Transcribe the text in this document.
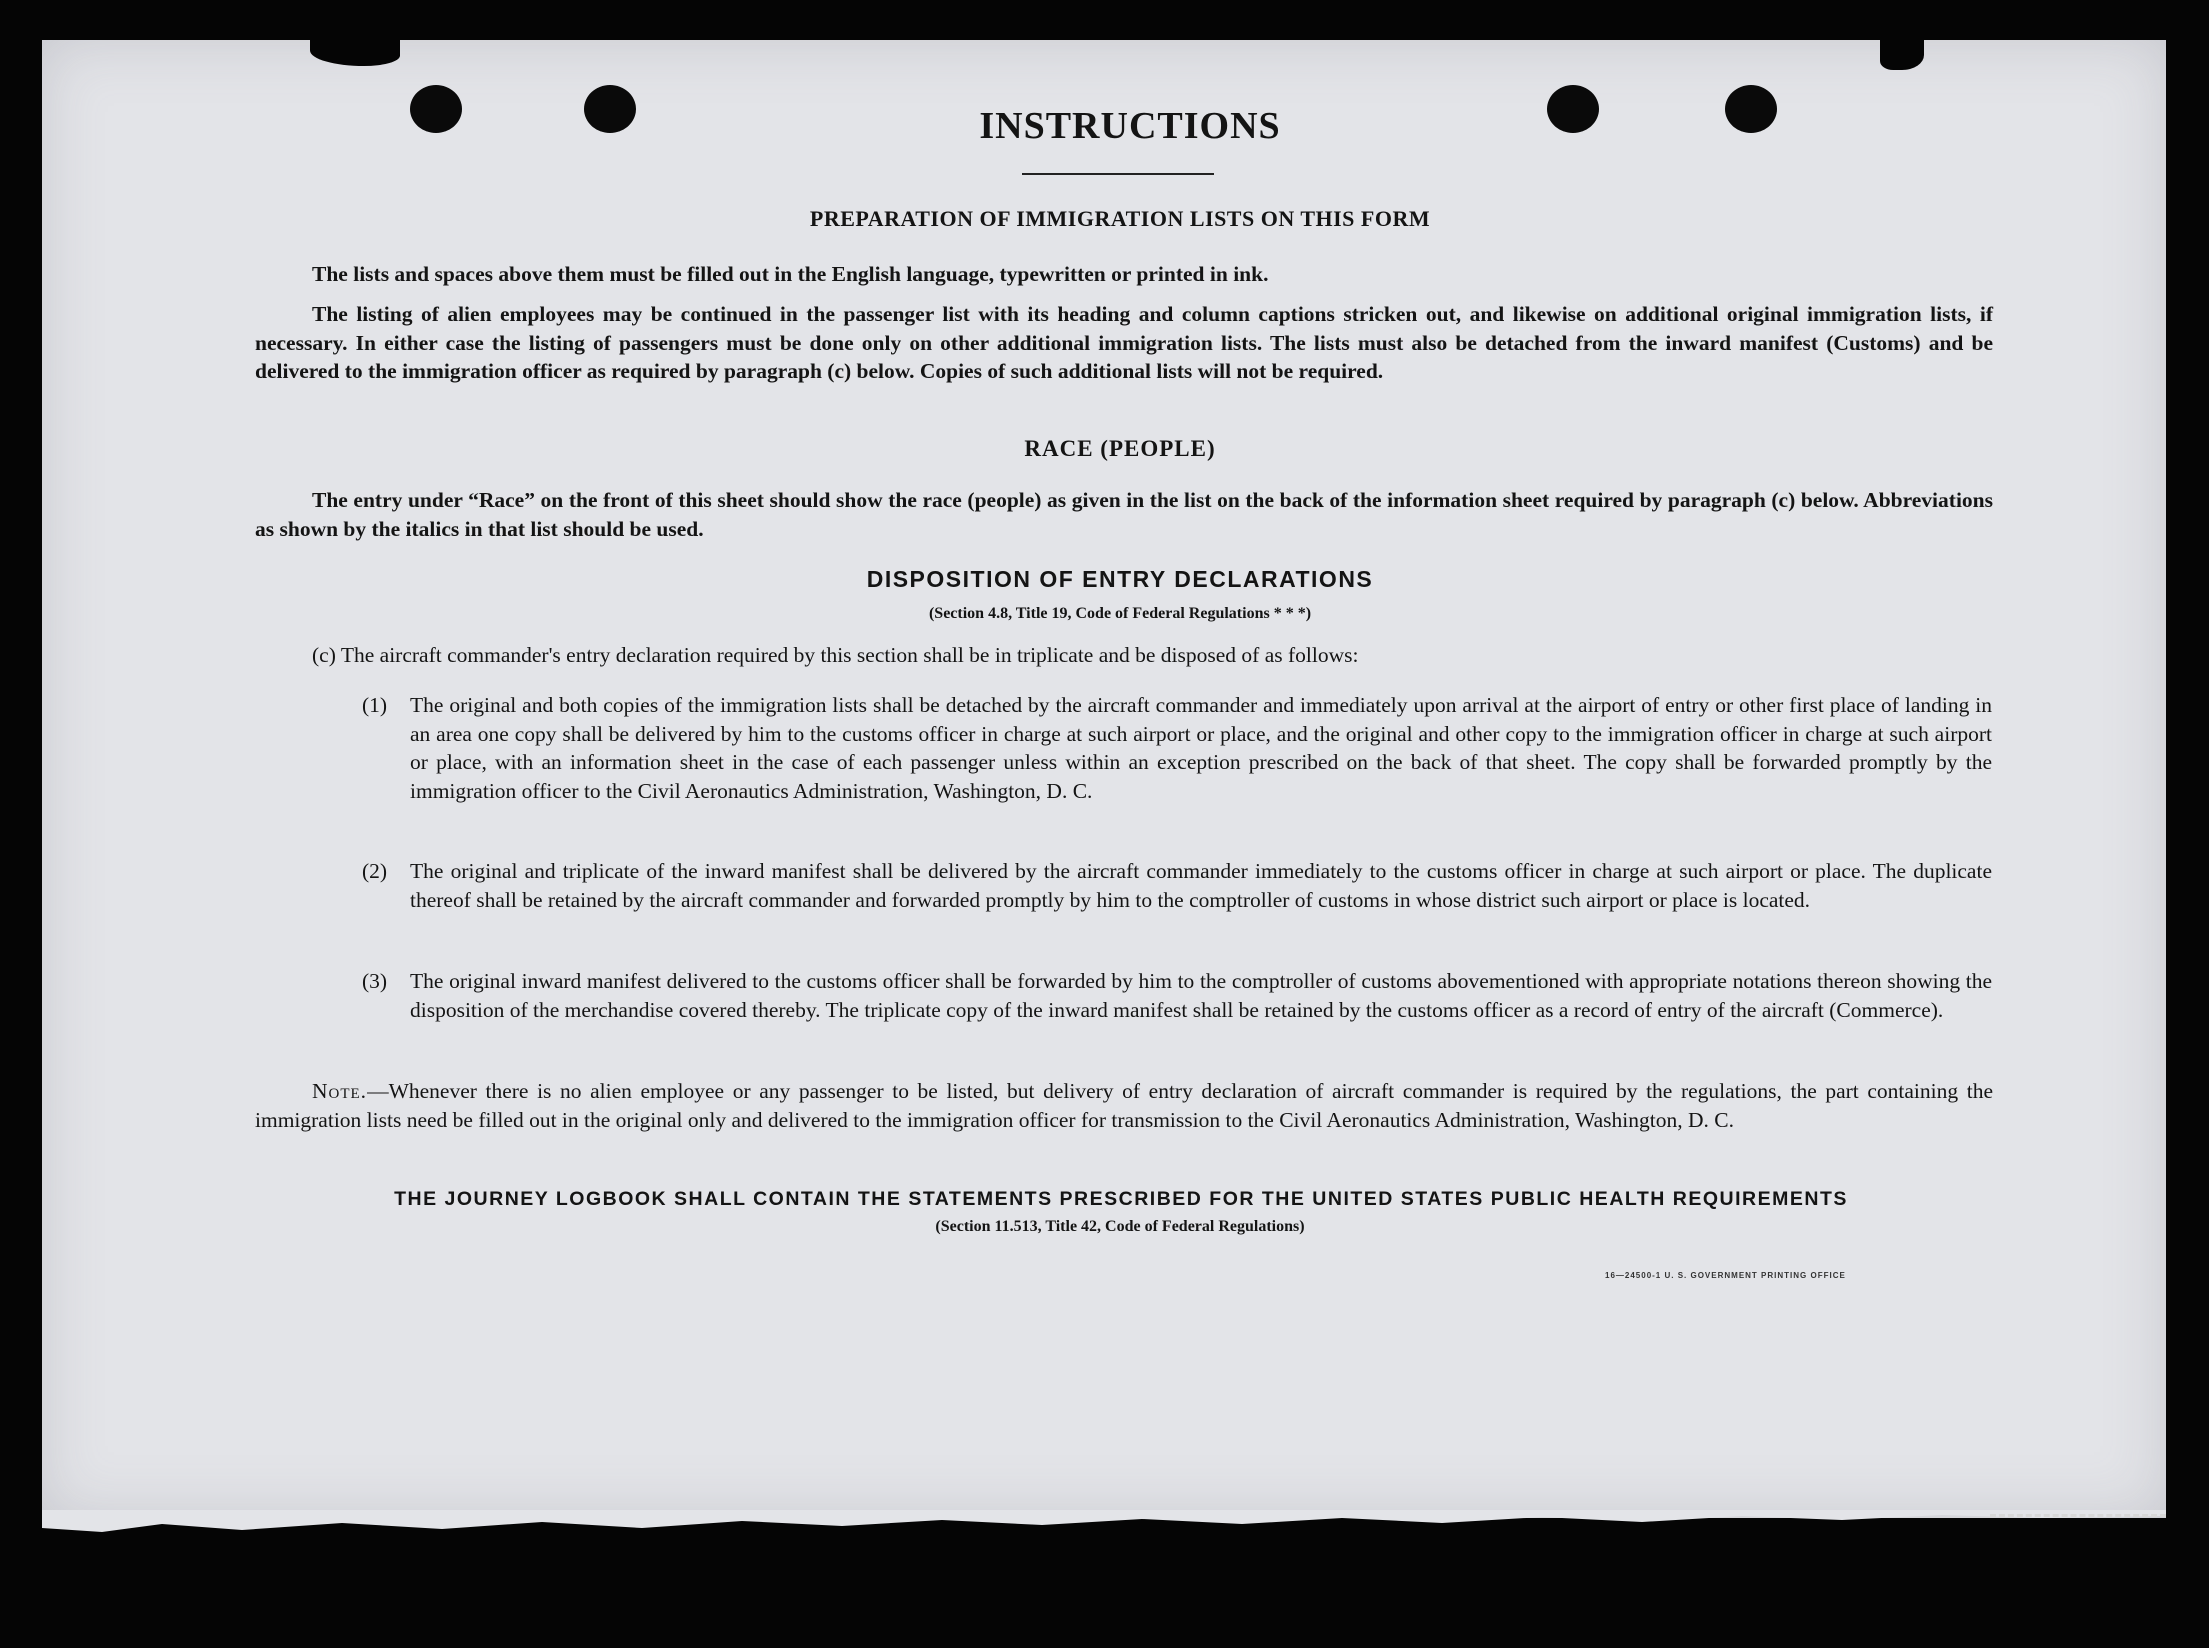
INSTRUCTIONS
PREPARATION OF IMMIGRATION LISTS ON THIS FORM
The lists and spaces above them must be filled out in the English language, typewritten or printed in ink.
The listing of alien employees may be continued in the passenger list with its heading and column captions stricken out, and likewise on additional original immigration lists, if necessary. In either case the listing of passengers must be done only on other additional immigration lists. The lists must also be detached from the inward manifest (Customs) and be delivered to the immigration officer as required by paragraph (c) below. Copies of such additional lists will not be required.
RACE (PEOPLE)
The entry under “Race” on the front of this sheet should show the race (people) as given in the list on the back of the information sheet required by paragraph (c) below. Abbreviations as shown by the italics in that list should be used.
DISPOSITION OF ENTRY DECLARATIONS
(Section 4.8, Title 19, Code of Federal Regulations * * *)
(c) The aircraft commander's entry declaration required by this section shall be in triplicate and be disposed of as follows:
(1) The original and both copies of the immigration lists shall be detached by the aircraft commander and immediately upon arrival at the airport of entry or other first place of landing in an area one copy shall be delivered by him to the customs officer in charge at such airport or place, and the original and other copy to the immigration officer in charge at such airport or place, with an information sheet in the case of each passenger unless within an exception prescribed on the back of that sheet. The copy shall be forwarded promptly by the immigration officer to the Civil Aeronautics Administration, Washington, D. C.
(2) The original and triplicate of the inward manifest shall be delivered by the aircraft commander immediately to the customs officer in charge at such airport or place. The duplicate thereof shall be retained by the aircraft commander and forwarded promptly by him to the comptroller of customs in whose district such airport or place is located.
(3) The original inward manifest delivered to the customs officer shall be forwarded by him to the comptroller of customs abovementioned with appropriate notations thereon showing the disposition of the merchandise covered thereby. The triplicate copy of the inward manifest shall be retained by the customs officer as a record of entry of the aircraft (Commerce).
Note.—Whenever there is no alien employee or any passenger to be listed, but delivery of entry declaration of aircraft commander is required by the regulations, the part containing the immigration lists need be filled out in the original only and delivered to the immigration officer for transmission to the Civil Aeronautics Administration, Washington, D. C.
THE JOURNEY LOGBOOK SHALL CONTAIN THE STATEMENTS PRESCRIBED FOR THE UNITED STATES PUBLIC HEALTH REQUIREMENTS
(Section 11.513, Title 42, Code of Federal Regulations)
16—24500-1 U. S. GOVERNMENT PRINTING OFFICE
